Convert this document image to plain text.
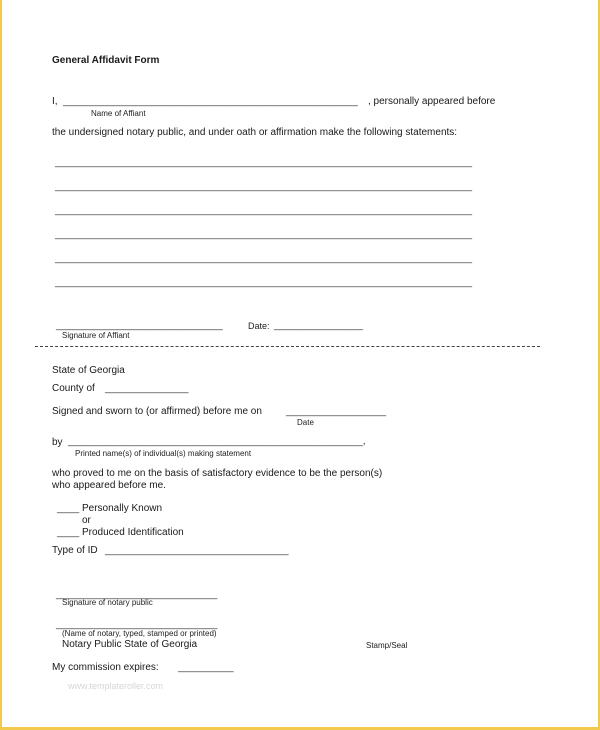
General Affidavit Form
I, _____________________________________________________ , personally appeared before
Name of Affiant
the undersigned notary public, and under oath or affirmation make the following statements:
___________________________________________________________________________
___________________________________________________________________________
___________________________________________________________________________
___________________________________________________________________________
___________________________________________________________________________
___________________________________________________________________________
______________________________	Date: ________________
Signature of Affiant
State of Georgia
County of _______________
Signed and sworn to (or affirmed) before me on __________________
Date
by _____________________________________________________,
Printed name(s) of individual(s) making statement
who proved to me on the basis of satisfactory evidence to be the person(s)
who appeared before me.
____ Personally Known
or
____ Produced Identification
Type of ID _________________________________
_____________________________
Signature of notary public
_____________________________
(Name of notary, typed, stamped or printed)
Notary Public State of Georgia	Stamp/Seal
My commission expires: __________
www.templateroller.com
